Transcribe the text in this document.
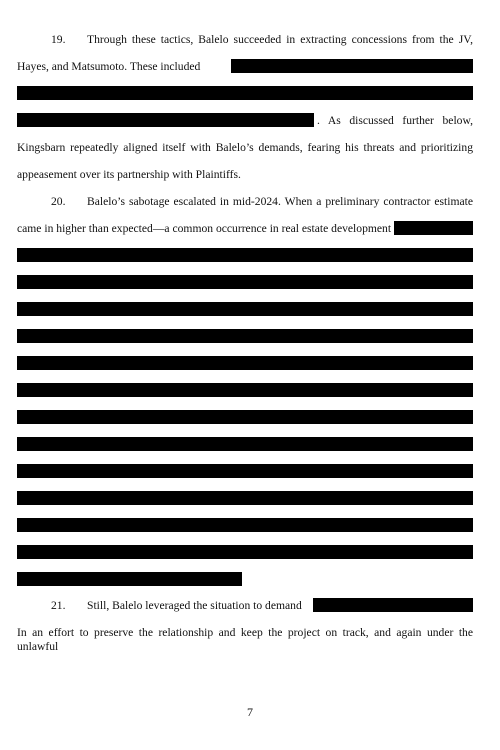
19. Through these tactics, Balelo succeeded in extracting concessions from the JV,
Hayes, and Matsumoto. These included
. As discussed further below,
Kingsbarn repeatedly aligned itself with Balelo’s demands, fearing his threats and prioritizing
appeasement over its partnership with Plaintiffs.
20. Balelo’s sabotage escalated in mid-2024. When a preliminary contractor estimate
came in higher than expected—a common occurrence in real estate development
21. Still, Balelo leveraged the situation to demand
In an effort to preserve the relationship and keep the project on track, and again under the unlawful
7
